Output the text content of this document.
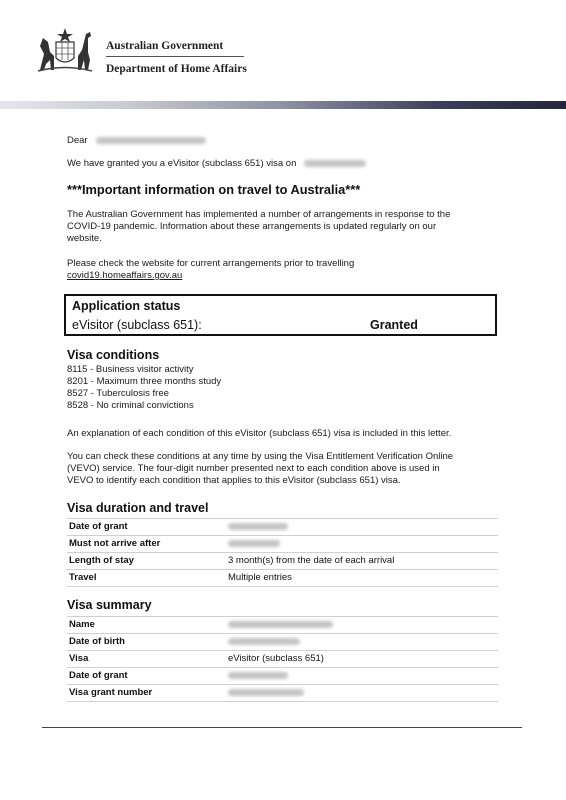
Australian Government
Department of Home Affairs
Dear
We have granted you a eVisitor (subclass 651) visa on
***Important information on travel to Australia***
The Australian Government has implemented a number of arrangements in response to the
COVID-19 pandemic. Information about these arrangements is updated regularly on our
website.
Please check the website for current arrangements prior to travelling
covid19.homeaffairs.gov.au
Application status
eVisitor (subclass 651):	Granted
Visa conditions
8115 - Business visitor activity
8201 - Maximum three months study
8527 - Tuberculosis free
8528 - No criminal convictions
An explanation of each condition of this eVisitor (subclass 651) visa is included in this letter.
You can check these conditions at any time by using the Visa Entitlement Verification Online
(VEVO) service. The four-digit number presented next to each condition above is used in
VEVO to identify each condition that applies to this eVisitor (subclass 651) visa.
Visa duration and travel
Date of grant
Must not arrive after
Length of stay	3 month(s) from the date of each arrival
Travel	Multiple entries
Visa summary
Name
Date of birth
Visa	eVisitor (subclass 651)
Date of grant
Visa grant number
